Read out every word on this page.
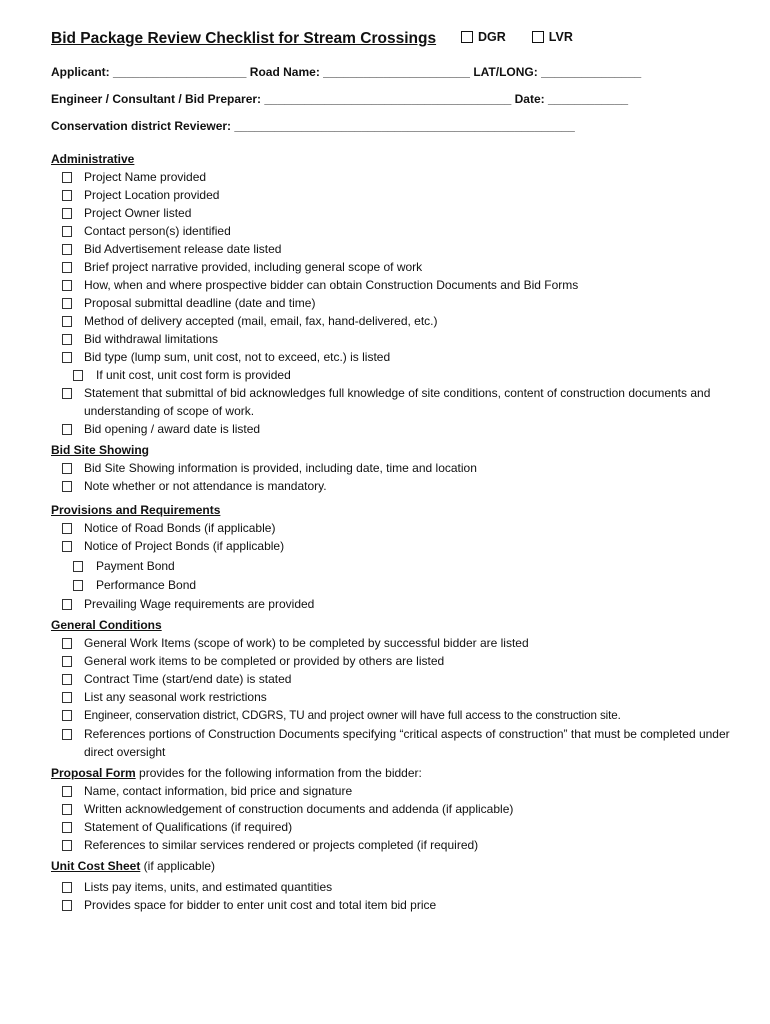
Bid Package Review Checklist for Stream Crossings	DGR	LVR
Applicant: ____________________ Road Name: ______________________ LAT/LONG: _______________
Engineer / Consultant / Bid Preparer: _____________________________________ Date: ____________
Conservation district Reviewer: ___________________________________________________
Administrative
Project Name provided
Project Location provided
Project Owner listed
Contact person(s) identified
Bid Advertisement release date listed
Brief project narrative provided, including general scope of work
How, when and where prospective bidder can obtain Construction Documents and Bid Forms
Proposal submittal deadline (date and time)
Method of delivery accepted (mail, email, fax, hand-delivered, etc.)
Bid withdrawal limitations
Bid type (lump sum, unit cost, not to exceed, etc.) is listed
If unit cost, unit cost form is provided
Statement that submittal of bid acknowledges full knowledge of site conditions, content of construction documents and understanding of scope of work.
Bid opening / award date is listed
Bid Site Showing
Bid Site Showing information is provided, including date, time and location
Note whether or not attendance is mandatory.
Provisions and Requirements
Notice of Road Bonds (if applicable)
Notice of Project Bonds (if applicable)
Payment Bond
Performance Bond
Prevailing Wage requirements are provided
General Conditions
General Work Items (scope of work) to be completed by successful bidder are listed
General work items to be completed or provided by others are listed
Contract Time (start/end date) is stated
List any seasonal work restrictions
Engineer, conservation district, CDGRS, TU and project owner will have full access to the construction site.
References portions of Construction Documents specifying “critical aspects of construction” that must be completed under direct oversight
Proposal Form provides for the following information from the bidder:
Name, contact information, bid price and signature
Written acknowledgement of construction documents and addenda (if applicable)
Statement of Qualifications (if required)
References to similar services rendered or projects completed (if required)
Unit Cost Sheet (if applicable)
Lists pay items, units, and estimated quantities
Provides space for bidder to enter unit cost and total item bid price
